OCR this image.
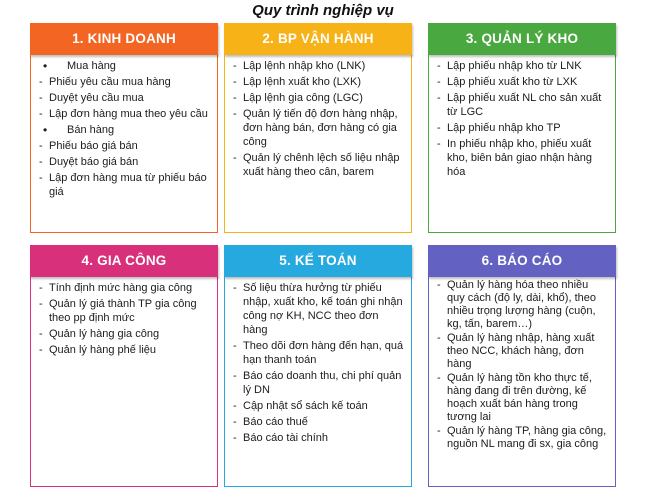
Quy trình nghiệp vụ
1. KINH DOANH
• Mua hàng
- Phiếu yêu cầu mua hàng
- Duyệt yêu cầu mua
- Lập đơn hàng mua theo yêu cầu
• Bán hàng
- Phiếu báo giá bán
- Duyệt báo giá bán
- Lập đơn hàng mua từ phiếu báo giá
2. BP VẬN HÀNH
- Lập lệnh nhập kho (LNK)
- Lập lệnh xuất kho (LXK)
- Lập lệnh gia công (LGC)
- Quản lý tiến độ đơn hàng nhập, đơn hàng bán, đơn hàng có gia công
- Quản lý chênh lệch số liệu nhập xuất hàng theo cân, barem
3. QUẢN LÝ KHO
- Lập phiếu nhập kho từ LNK
- Lập phiếu xuất kho từ LXK
- Lập phiếu xuất NL cho sản xuất từ LGC
- Lập phiếu nhập kho TP
- In phiếu nhập kho, phiếu xuất kho, biên bản giao nhận hàng hóa
4. GIA CÔNG
- Tính định mức hàng gia công
- Quản lý giá thành TP gia công theo pp định mức
- Quản lý hàng gia công
- Quản lý hàng phế liệu
5. KẾ TOÁN
- Số liệu thừa hưởng từ phiếu nhập, xuất kho, kế toán ghi nhận công nợ KH, NCC theo đơn hàng
- Theo dõi đơn hàng đến hạn, quá hạn thanh toán
- Báo cáo doanh thu, chi phí quản lý DN
- Cập nhật sổ sách kế toán
- Báo cáo thuế
- Báo cáo tài chính
6. BÁO CÁO
- Quản lý hàng hóa theo nhiều quy cách (độ ly, dài, khổ), theo nhiều trọng lượng hàng (cuộn, kg, tấn, barem…)
- Quản lý hàng nhập, hàng xuất theo NCC, khách hàng, đơn hàng
- Quản lý hàng tồn kho thực tế, hàng đang đi trên đường, kế hoạch xuất bán hàng trong tương lai
- Quản lý hàng TP, hàng gia công, nguồn NL mang đi sx, gia công
